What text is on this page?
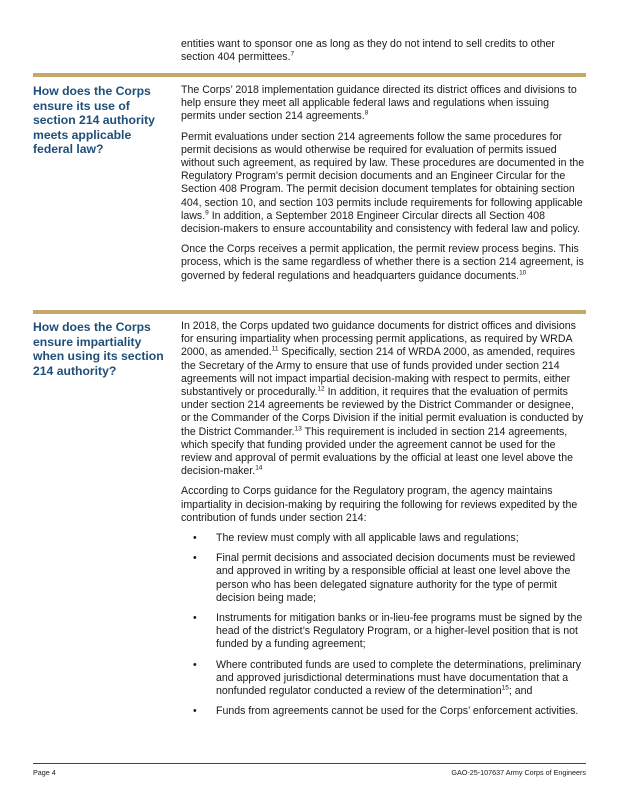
entities want to sponsor one as long as they do not intend to sell credits to other section 404 permittees.$^7$
How does the Corps ensure its use of section 214 authority meets applicable federal law?

The Corps’ 2018 implementation guidance directed its district offices and divisions to help ensure they meet all applicable federal laws and regulations when issuing permits under section 214 agreements.$^8$

Permit evaluations under section 214 agreements follow the same procedures for permit decisions as would otherwise be required for evaluation of permits issued without such agreement, as required by law. These procedures are documented in the Regulatory Program’s permit decision documents and an Engineer Circular for the Section 408 Program. The permit decision document templates for obtaining section 404, section 10, and section 103 permits include requirements for following applicable laws.$^9$ In addition, a September 2018 Engineer Circular directs all Section 408 decision-makers to ensure accountability and consistency with federal law and policy.

Once the Corps receives a permit application, the permit review process begins. This process, which is the same regardless of whether there is a section 214 agreement, is governed by federal regulations and headquarters guidance documents.$^{10}$

How does the Corps ensure impartiality when using its section 214 authority?

In 2018, the Corps updated two guidance documents for district offices and divisions for ensuring impartiality when processing permit applications, as required by WRDA 2000, as amended.$^{11}$ Specifically, section 214 of WRDA 2000, as amended, requires the Secretary of the Army to ensure that use of funds provided under section 214 agreements will not impact impartial decision-making with respect to permits, either substantively or procedurally.$^{12}$ In addition, it requires that the evaluation of permits under section 214 agreements be reviewed by the District Commander or designee, or the Commander of the Corps Division if the initial permit evaluation is conducted by the District Commander.$^{13}$ This requirement is included in section 214 agreements, which specify that funding provided under the agreement cannot be used for the review and approval of permit evaluations by the official at least one level above the decision-maker.$^{14}$

According to Corps guidance for the Regulatory program, the agency maintains impartiality in decision-making by requiring the following for reviews expedited by the contribution of funds under section 214:

• The review must comply with all applicable laws and regulations;
• Final permit decisions and associated decision documents must be reviewed and approved in writing by a responsible official at least one level above the person who has been delegated signature authority for the type of permit decision being made;
• Instruments for mitigation banks or in-lieu-fee programs must be signed by the head of the district’s Regulatory Program, or a higher-level position that is not funded by a funding agreement;
• Where contributed funds are used to complete the determinations, preliminary and approved jurisdictional determinations must have documentation that a nonfunded regulator conducted a review of the determination$^{15}$; and
• Funds from agreements cannot be used for the Corps’ enforcement activities.
Page 4	GAO-25-107637 Army Corps of Engineers
